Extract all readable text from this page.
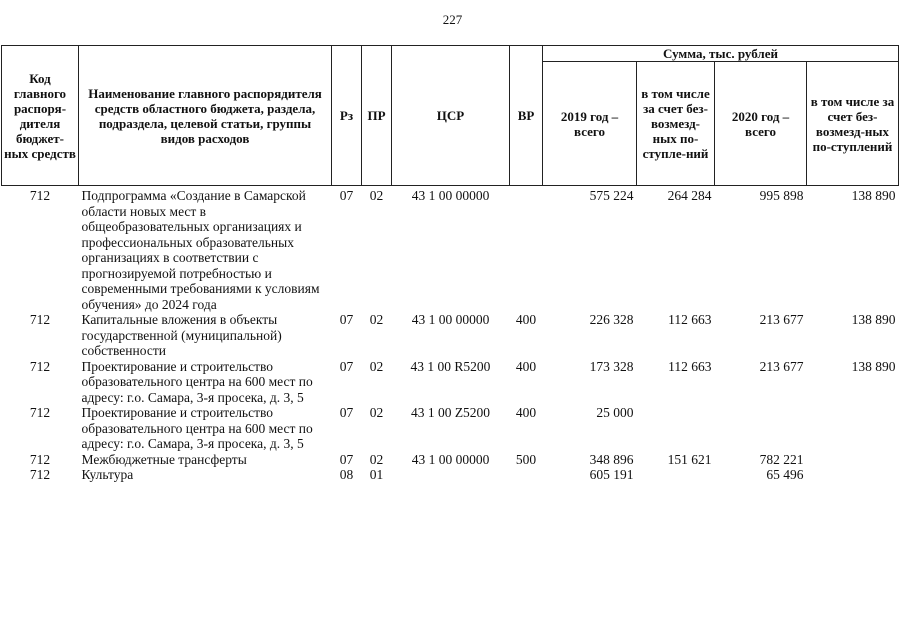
227
Код главного распоря-дителя бюджет-ных средств	Наименование главного распорядителя средств областного бюджета, раздела, подраздела, целевой статьи, группы видов расходов	Рз	ПР	ЦСР	ВР	Сумма, тыс. рублей			
						2019 год – всего	в том числе за счет без-возмезд-ных по-ступле-ний	2020 год – всего	в том числе за счет без-возмезд-ных по-ступлений
712	Подпрограмма «Создание в Самарской области новых мест в общеобразовательных организациях и профессиональных образовательных организациях в соответствии с прогнозируемой потребностью и современными требованиями к условиям обучения» до 2024 года	07	02	43 1 00 00000		575 224	264 284	995 898	138 890
712	Капитальные вложения в объекты государственной (муниципальной) собственности	07	02	43 1 00 00000	400	226 328	112 663	213 677	138 890
712	Проектирование и строительство образовательного центра на 600 мест по адресу: г.о. Самара, 3-я просека, д. 3, 5	07	02	43 1 00 R5200	400	173 328	112 663	213 677	138 890
712	Проектирование и строительство образовательного центра на 600 мест по адресу: г.о. Самара, 3-я просека, д. 3, 5	07	02	43 1 00 Z5200	400	25 000			
712	Межбюджетные трансферты	07	02	43 1 00 00000	500	348 896	151 621	782 221	
712	Культура	08	01			605 191		65 496	
